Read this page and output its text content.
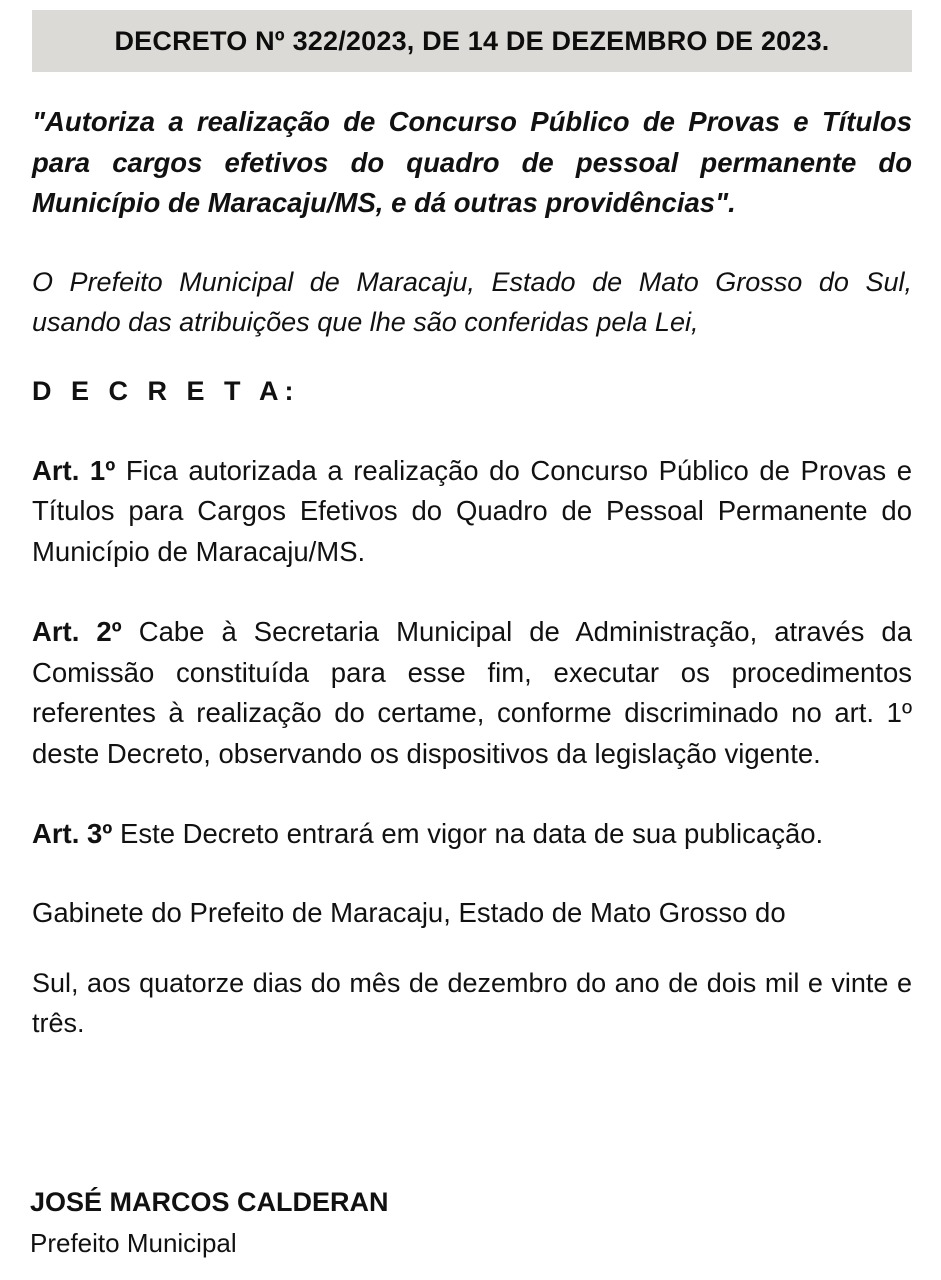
DECRETO Nº 322/2023, DE 14 DE DEZEMBRO DE 2023.
"Autoriza a realização de Concurso Público de Provas e Títulos para cargos efetivos do quadro de pessoal permanente do Município de Maracaju/MS, e dá outras providências".
O Prefeito Municipal de Maracaju, Estado de Mato Grosso do Sul, usando das atribuições que lhe são conferidas pela Lei,
D E C R E T A:
Art. 1º Fica autorizada a realização do Concurso Público de Provas e Títulos para Cargos Efetivos do Quadro de Pessoal Permanente do Município de Maracaju/MS.
Art. 2º Cabe à Secretaria Municipal de Administração, através da Comissão constituída para esse fim, executar os procedimentos referentes à realização do certame, conforme discriminado no art. 1º deste Decreto, observando os dispositivos da legislação vigente.
Art. 3º Este Decreto entrará em vigor na data de sua publicação.
Gabinete do Prefeito de Maracaju, Estado de Mato Grosso do
Sul, aos quatorze dias do mês de dezembro do ano de dois mil e vinte e três.
JOSÉ MARCOS CALDERAN
Prefeito Municipal
